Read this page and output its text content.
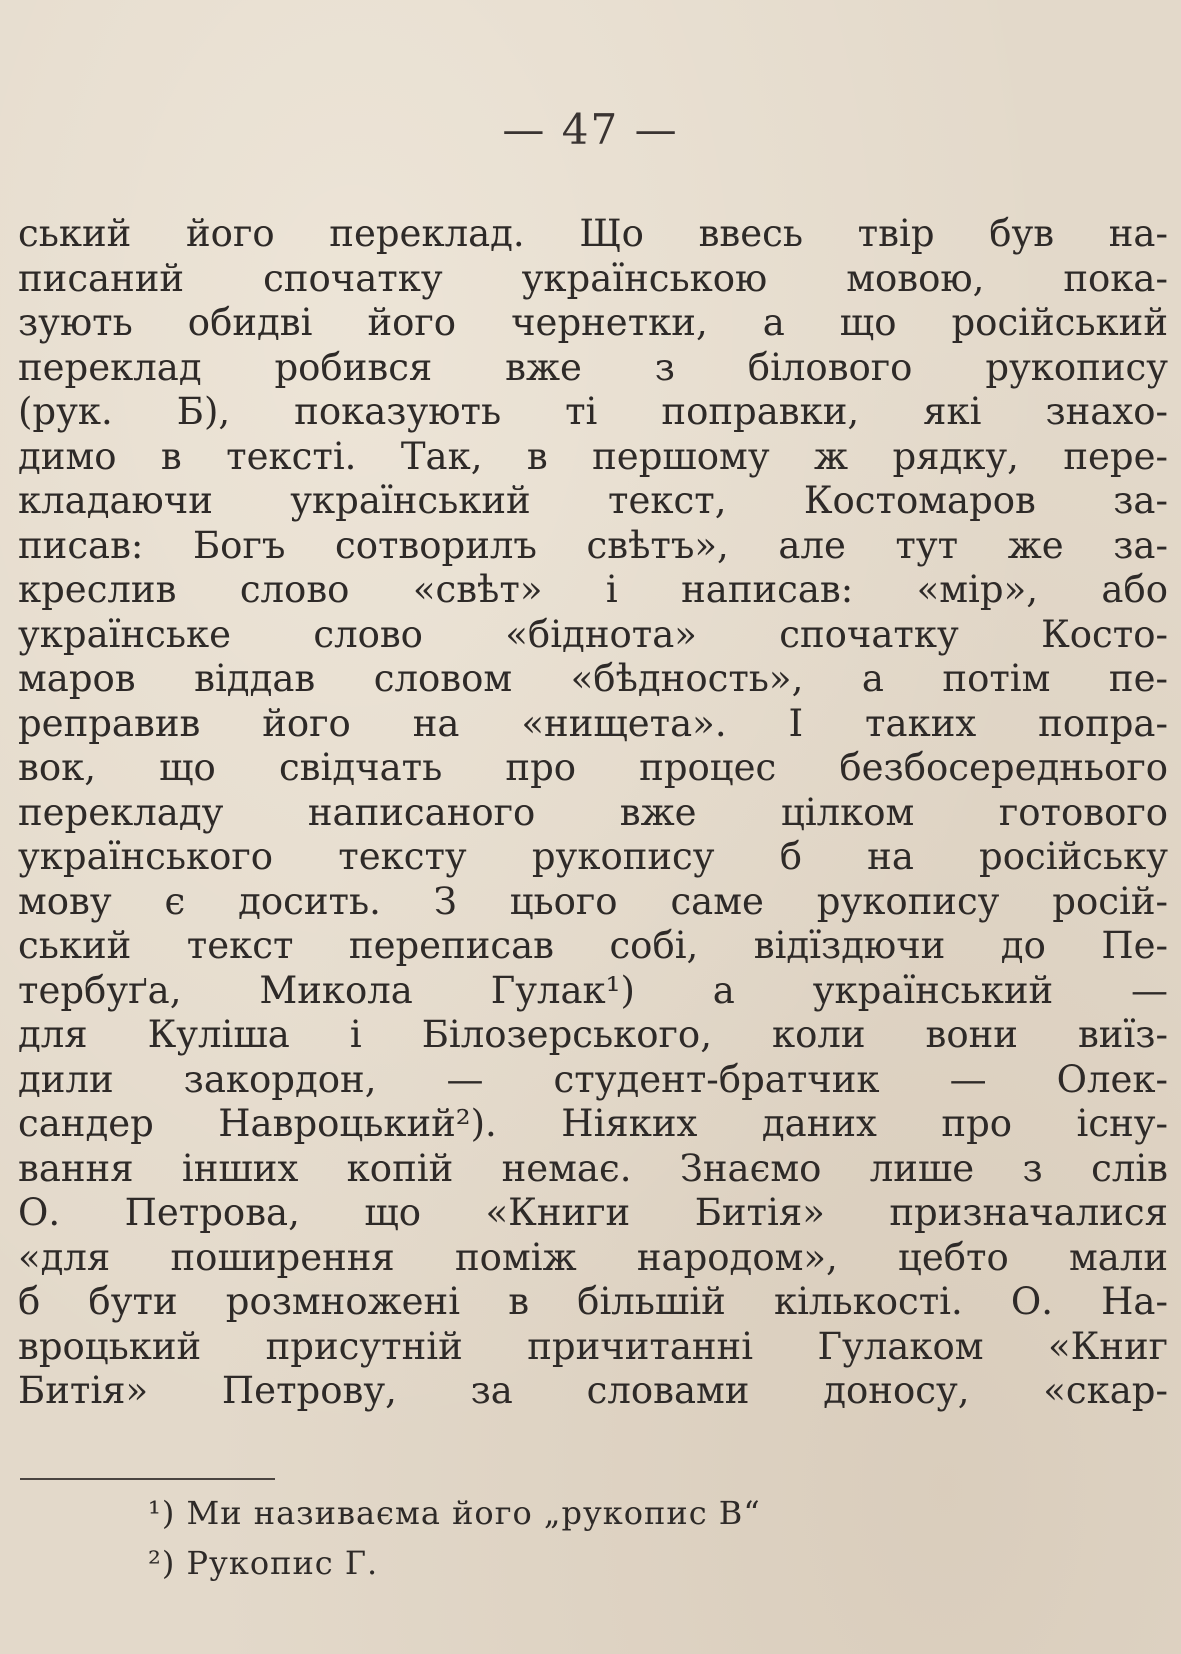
— 47 —
ський його переклад. Що ввесь твір був на-
писаний спочатку українською мовою, пока-
зують обидві його чернетки, а що російський
переклад робився вже з білового рукопису
(рук. Б), показують ті поправки, які знахо-
димо в тексті. Так, в першому ж рядку, пере-
кладаючи український текст, Костомаров за-
писав: Богъ сотворилъ свѣтъ», але тут же за-
креслив слово «свѣт» і написав: «мір», або
українське слово «біднота» спочатку Косто-
маров віддав словом «бѣдность», а потім пе-
реправив його на «нищета». І таких попра-
вок, що свідчать про процес безбосереднього
перекладу написаного вже цілком готового
українського тексту рукопису б на російську
мову є досить. З цього саме рукопису росій-
ський текст переписав собі, відїздючи до Пе-
тербуґа, Микола Гулак¹) а український —
для Куліша і Білозерського, коли вони виїз-
дили закордон, — студент-братчик — Олек-
сандер Навроцький²). Ніяких даних про існу-
вання інших копій немає. Знаємо лише з слів
О. Петрова, що «Книги Битія» призначалися
«для поширення поміж народом», цебто мали
б бути розмножені в більшій кількості. О. На-
вроцький присутній причитанні Гулаком «Книг
Битія» Петрову, за словами доносу, «скар-
¹) Ми називаєма його „рукопис В“
²) Рукопис Г.
